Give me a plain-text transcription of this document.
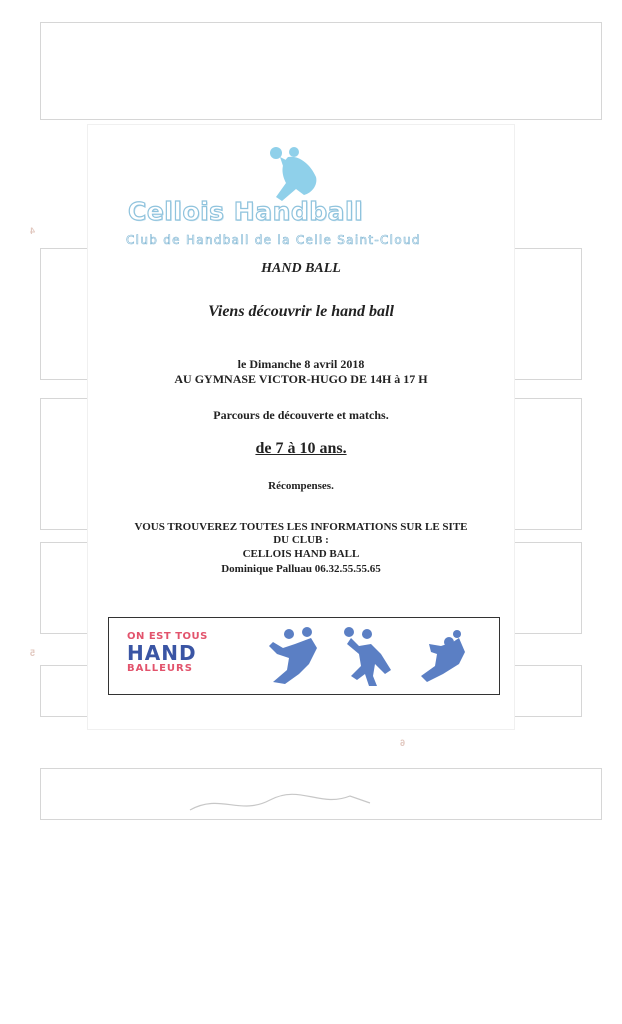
4
5
6
Cellois Handball
Club de Handball de la Celle Saint-Cloud
HAND BALL
Viens découvrir le hand ball
le Dimanche 8 avril 2018
AU GYMNASE VICTOR-HUGO DE 14H à 17 H
Parcours de découverte et matchs.
de 7 à 10 ans.
Récompenses.
VOUS TROUVEREZ TOUTES LES INFORMATIONS SUR LE SITE
DU CLUB :
CELLOIS HAND BALL
Dominique Palluau 06.32.55.55.65
ON EST TOUS
HAND
BALLEURS
